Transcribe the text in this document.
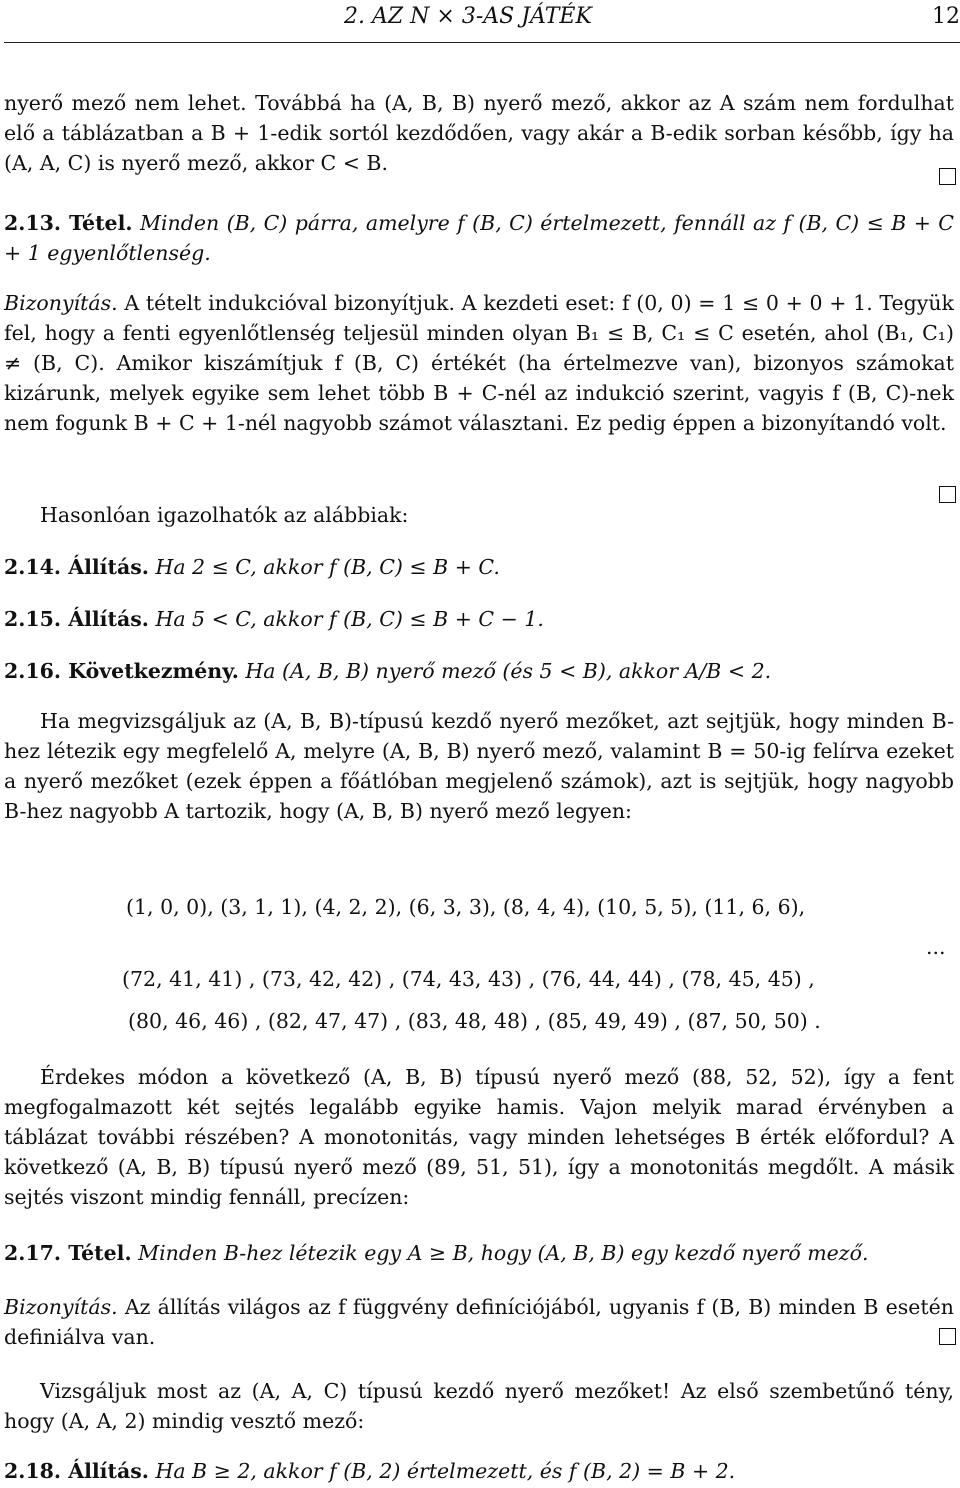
2. AZ N × 3-AS JÁTÉK	12
nyerő mező nem lehet. Továbbá ha (A, B, B) nyerő mező, akkor az A szám nem fordulhat elő a táblázatban a B + 1-edik sortól kezdődően, vagy akár a B-edik sorban később, így ha (A, A, C) is nyerő mező, akkor C < B.
2.13. Tétel. Minden (B, C) párra, amelyre f (B, C) értelmezett, fennáll az f (B, C) ≤ B + C + 1 egyenlőtlenség.
Bizonyítás. A tételt indukcióval bizonyítjuk. A kezdeti eset: f (0, 0) = 1 ≤ 0 + 0 + 1. Tegyük fel, hogy a fenti egyenlőtlenség teljesül minden olyan B₁ ≤ B, C₁ ≤ C esetén, ahol (B₁, C₁) ≠ (B, C). Amikor kiszámítjuk f (B, C) értékét (ha értelmezve van), bizonyos számokat kizárunk, melyek egyike sem lehet több B + C-nél az indukció szerint, vagyis f (B, C)-nek nem fogunk B + C + 1-nél nagyobb számot választani. Ez pedig éppen a bizonyítandó volt.
Hasonlóan igazolhatók az alábbiak:
2.14. Állítás. Ha 2 ≤ C, akkor f (B, C) ≤ B + C.
2.15. Állítás. Ha 5 < C, akkor f (B, C) ≤ B + C − 1.
2.16. Következmény. Ha (A, B, B) nyerő mező (és 5 < B), akkor A/B < 2.
Ha megvizsgáljuk az (A, B, B)-típusú kezdő nyerő mezőket, azt sejtjük, hogy minden B-hez létezik egy megfelelő A, melyre (A, B, B) nyerő mező, valamint B = 50-ig felírva ezeket a nyerő mezőket (ezek éppen a főátlóban megjelenő számok), azt is sejtjük, hogy nagyobb B-hez nagyobb A tartozik, hogy (A, B, B) nyerő mező legyen:
(1, 0, 0), (3, 1, 1), (4, 2, 2), (6, 3, 3), (8, 4, 4), (10, 5, 5), (11, 6, 6),
...
(72, 41, 41) , (73, 42, 42) , (74, 43, 43) , (76, 44, 44) , (78, 45, 45) ,
(80, 46, 46) , (82, 47, 47) , (83, 48, 48) , (85, 49, 49) , (87, 50, 50) .
Érdekes módon a következő (A, B, B) típusú nyerő mező (88, 52, 52), így a fent megfogalmazott két sejtés legalább egyike hamis. Vajon melyik marad érvényben a táblázat további részében? A monotonitás, vagy minden lehetséges B érték előfordul? A következő (A, B, B) típusú nyerő mező (89, 51, 51), így a monotonitás megdőlt. A másik sejtés viszont mindig fennáll, precízen:
2.17. Tétel. Minden B-hez létezik egy A ≥ B, hogy (A, B, B) egy kezdő nyerő mező.
Bizonyítás. Az állítás világos az f függvény definíciójából, ugyanis f (B, B) minden B esetén definiálva van.
Vizsgáljuk most az (A, A, C) típusú kezdő nyerő mezőket! Az első szembetűnő tény, hogy (A, A, 2) mindig vesztő mező:
2.18. Állítás. Ha B ≥ 2, akkor f (B, 2) értelmezett, és f (B, 2) = B + 2.
